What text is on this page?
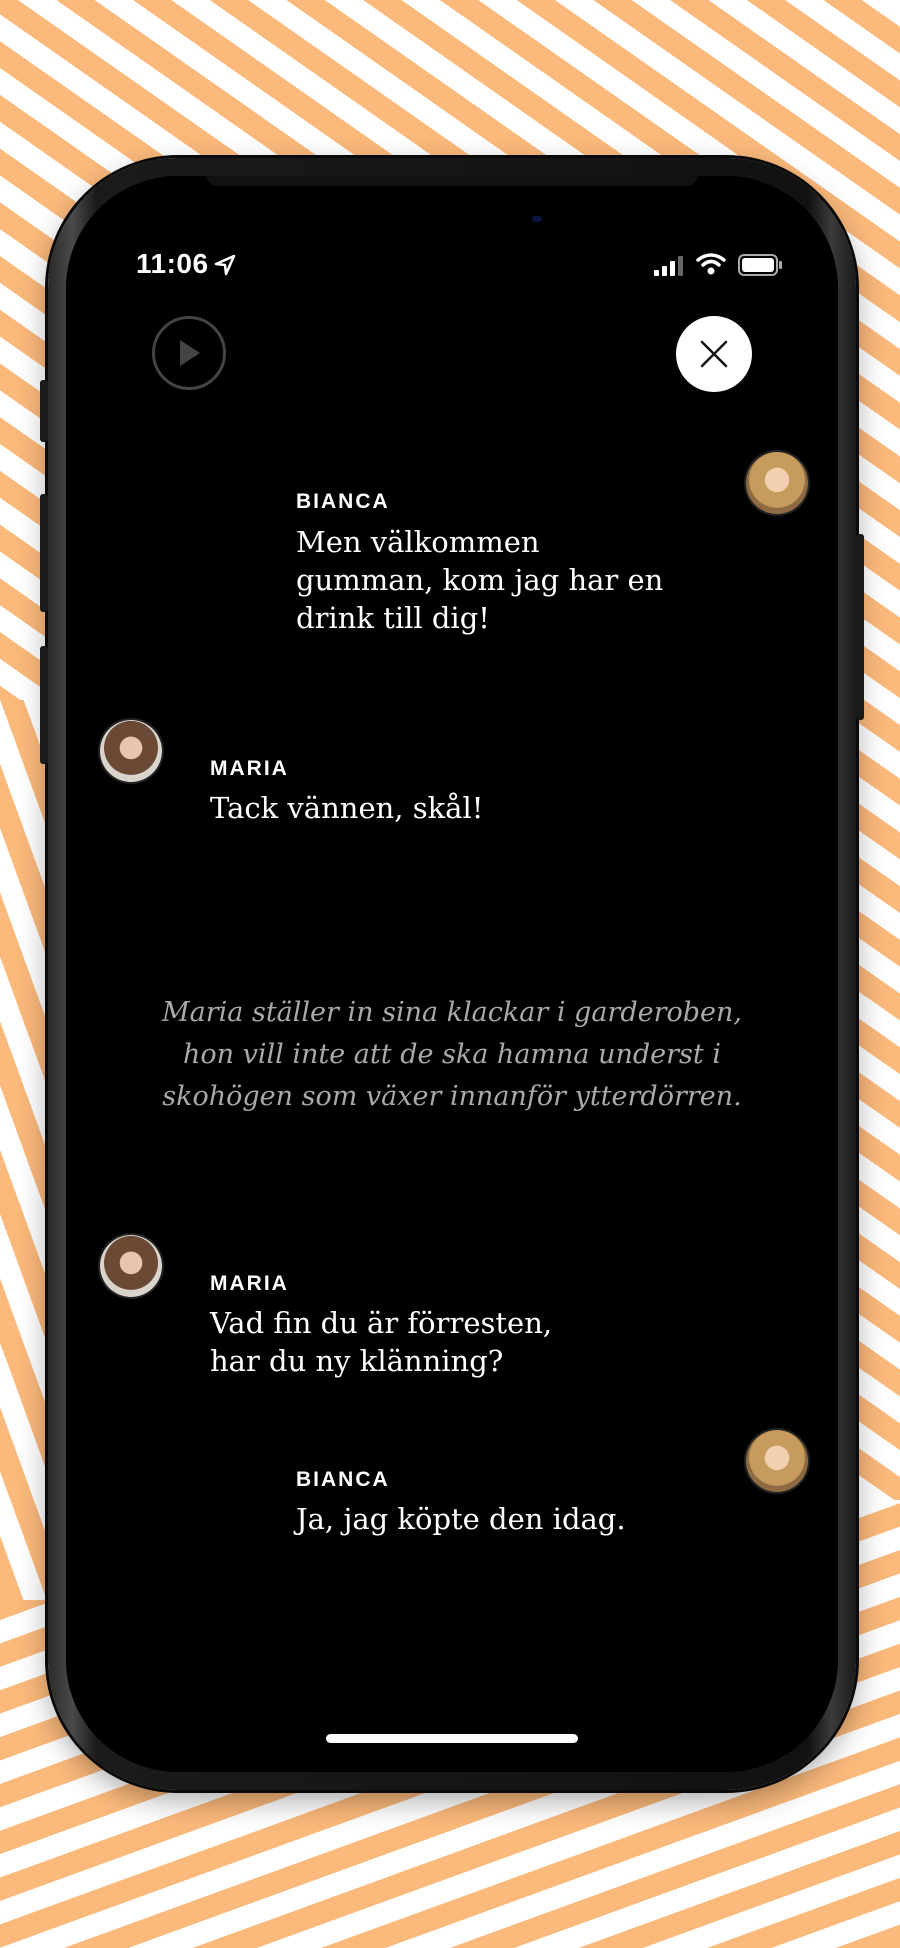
11:06
BIANCA
Men välkommen
gumman, kom jag har en
drink till dig!
MARIA
Tack vännen, skål!
Maria ställer in sina klackar i garderoben,
hon vill inte att de ska hamna underst i
skohögen som växer innanför ytterdörren.
MARIA
Vad fin du är förresten,
har du ny klänning?
BIANCA
Ja, jag köpte den idag.
